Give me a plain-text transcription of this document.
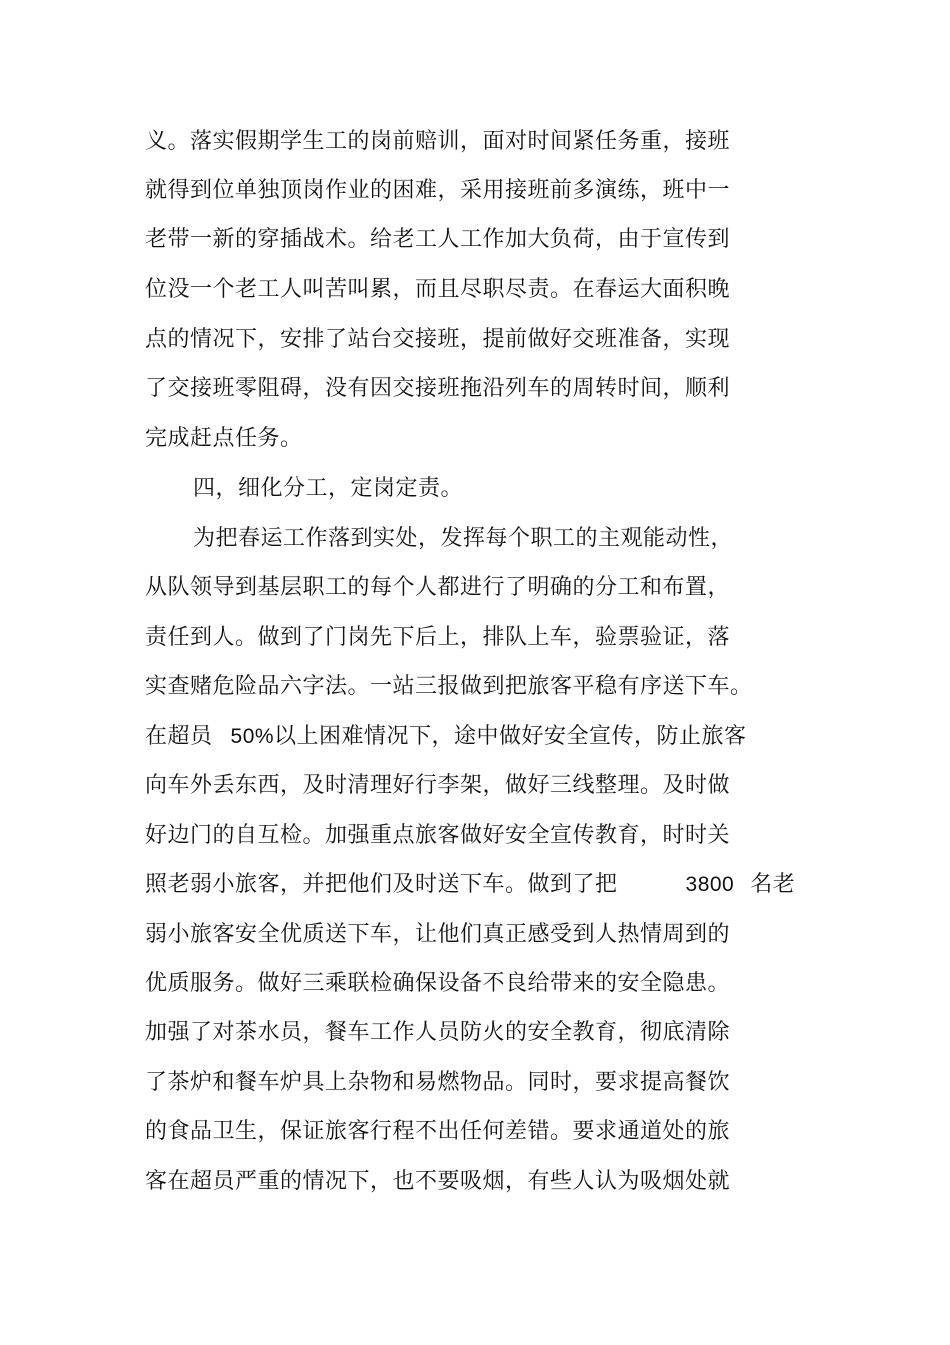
义。落实假期学生工的岗前赔训，面对时间紧任务重，接班
就得到位单独顶岗作业的困难，采用接班前多演练，班中一
老带一新的穿插战术。给老工人工作加大负荷，由于宣传到
位没一个老工人叫苦叫累，而且尽职尽责。在春运大面积晚
点的情况下，安排了站台交接班，提前做好交班准备，实现
了交接班零阻碍，没有因交接班拖沿列车的周转时间，顺利
完成赶点任务。
四，细化分工，定岗定责。
为把春运工作落到实处，发挥每个职工的主观能动性，
从队领导到基层职工的每个人都进行了明确的分工和布置，
责任到人。做到了门岗先下后上，排队上车，验票验证，落
实查赌危险品六字法。一站三报做到把旅客平稳有序送下车。
在超员 50%以上困难情况下，途中做好安全宣传，防止旅客
向车外丢东西，及时清理好行李架，做好三线整理。及时做
好边门的自互检。加强重点旅客做好安全宣传教育，时时关
照老弱小旅客，并把他们及时送下车。做到了把	3800 名老
弱小旅客安全优质送下车，让他们真正感受到人热情周到的
优质服务。做好三乘联检确保设备不良给带来的安全隐患。
加强了对茶水员，餐车工作人员防火的安全教育，彻底清除
了茶炉和餐车炉具上杂物和易燃物品。同时，要求提高餐饮
的食品卫生，保证旅客行程不出任何差错。要求通道处的旅
客在超员严重的情况下，也不要吸烟，有些人认为吸烟处就
